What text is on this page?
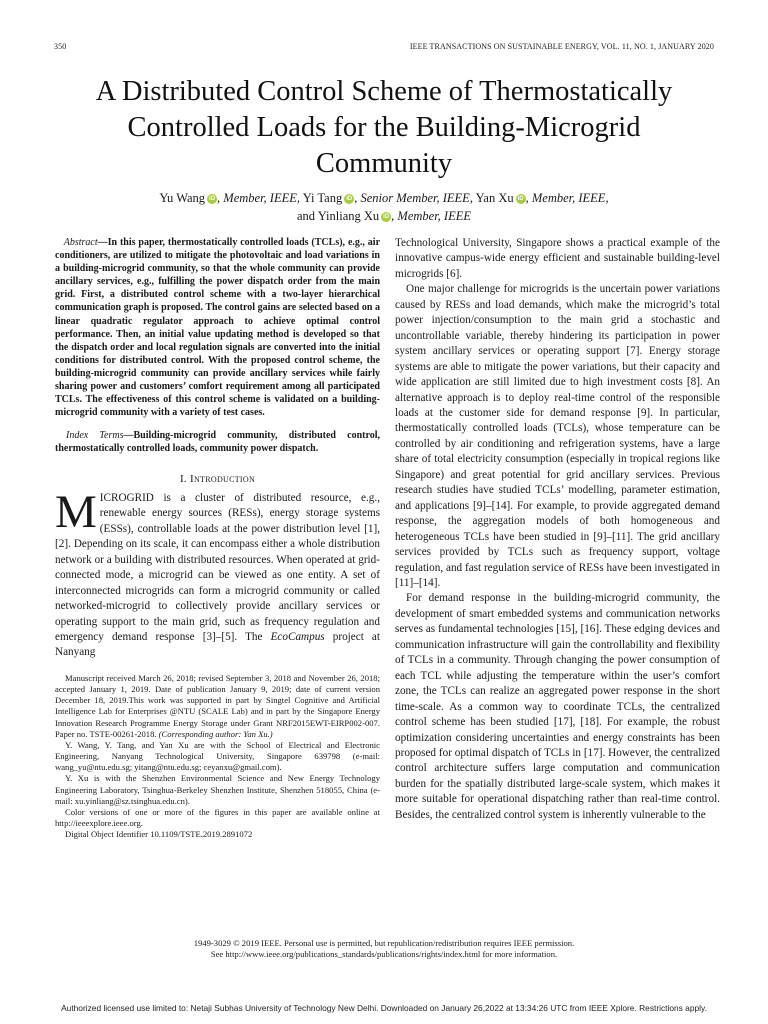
350	IEEE TRANSACTIONS ON SUSTAINABLE ENERGY, VOL. 11, NO. 1, JANUARY 2020
A Distributed Control Scheme of Thermostatically
Controlled Loads for the Building-Microgrid
Community
Yu Wang iD , Member, IEEE, Yi Tang iD , Senior Member, IEEE, Yan Xu iD , Member, IEEE,
and Yinliang Xu iD , Member, IEEE

Abstract—In this paper, thermostatically controlled loads (TCLs), e.g., air conditioners, are utilized to mitigate the photovoltaic and load variations in a building-microgrid community, so that the whole community can provide ancillary services, e.g., fulfilling the power dispatch order from the main grid. First, a distributed control scheme with a two-layer hierarchical communication graph is proposed. The control gains are selected based on a linear quadratic regulator approach to achieve optimal control performance. Then, an initial value updating method is developed so that the dispatch order and local regulation signals are converted into the initial conditions for distributed control. With the proposed control scheme, the building-microgrid community can provide ancillary services while fairly sharing power and customers’ comfort requirement among all participated TCLs. The effectiveness of this control scheme is validated on a building-microgrid community with a variety of test cases.

Index Terms—Building-microgrid community, distributed control, thermostatically controlled loads, community power dispatch.

I. Introduction

MICROGRID is a cluster of distributed resource, e.g., renewable energy sources (RESs), energy storage systems (ESSs), controllable loads at the power distribution level [1], [2]. Depending on its scale, it can encompass either a whole distribution network or a building with distributed resources. When operated at grid-connected mode, a microgrid can be viewed as one entity. A set of interconnected microgrids can form a microgrid community or called networked-microgrid to collectively provide ancillary services or operating support to the main grid, such as frequency regulation and emergency demand response [3]–[5]. The EcoCampus project at Nanyang

Manuscript received March 26, 2018; revised September 3, 2018 and November 26, 2018; accepted January 1, 2019. Date of publication January 9, 2019; date of current version December 18, 2019.This work was supported in part by Singtel Cognitive and Artificial Intelligence Lab for Enterprises @NTU (SCALE Lab) and in part by the Singapore Energy Innovation Research Programme Energy Storage under Grant NRF2015EWT-EIRP002-007. Paper no. TSTE-00261-2018. (Corresponding author: Yan Xu.)

Y. Wang, Y. Tang, and Yan Xu are with the School of Electrical and Electronic Engineering, Nanyang Technological University, Singapore 639798 (e-mail: wang_yu@ntu.edu.sg; yitang@ntu.edu.sg; ceyanxu@gmail.com).

Y. Xu is with the Shenzhen Environmental Science and New Energy Technology Engineering Laboratory, Tsinghua-Berkeley Shenzhen Institute, Shenzhen 518055, China (e-mail: xu.yinliang@sz.tsinghua.edu.cn).

Color versions of one or more of the figures in this paper are available online at http://ieeexplore.ieee.org.

Digital Object Identifier 10.1109/TSTE.2019.2891072

Technological University, Singapore shows a practical example of the innovative campus-wide energy efficient and sustainable building-level microgrids [6].

One major challenge for microgrids is the uncertain power variations caused by RESs and load demands, which make the microgrid’s total power injection/consumption to the main grid a stochastic and uncontrollable variable, thereby hindering its participation in power system ancillary services or operating support [7]. Energy storage systems are able to mitigate the power variations, but their capacity and wide application are still limited due to high investment costs [8]. An alternative approach is to deploy real-time control of the responsible loads at the customer side for demand response [9]. In particular, thermostatically controlled loads (TCLs), whose temperature can be controlled by air conditioning and refrigeration systems, have a large share of total electricity consumption (especially in tropical regions like Singapore) and great potential for grid ancillary services. Previous research studies have studied TCLs’ modelling, parameter estimation, and applications [9]–[14]. For example, to provide aggregated demand response, the aggregation models of both homogeneous and heterogeneous TCLs have been studied in [9]–[11]. The grid ancillary services provided by TCLs such as frequency support, voltage regulation, and fast regulation service of RESs have been investigated in [11]–[14].

For demand response in the building-microgrid community, the development of smart embedded systems and communication networks serves as fundamental technologies [15], [16]. These edging devices and communication infrastructure will gain the controllability and flexibility of TCLs in a community. Through changing the power consumption of each TCL while adjusting the temperature within the user’s comfort zone, the TCLs can realize an aggregated power response in the short time-scale. As a common way to coordinate TCLs, the centralized control scheme has been studied [17], [18]. For example, the robust optimization considering uncertainties and energy constraints has been proposed for optimal dispatch of TCLs in [17]. However, the centralized control architecture suffers large computation and communication burden for the spatially distributed large-scale system, which makes it more suitable for operational dispatching rather than real-time control. Besides, the centralized control system is inherently vulnerable to the

1949-3029 © 2019 IEEE. Personal use is permitted, but republication/redistribution requires IEEE permission.
See http://www.ieee.org/publications_standards/publications/rights/index.html for more information.
Authorized licensed use limited to: Netaji Subhas University of Technology New Delhi. Downloaded on January 26,2022 at 13:34:26 UTC from IEEE Xplore. Restrictions apply.
